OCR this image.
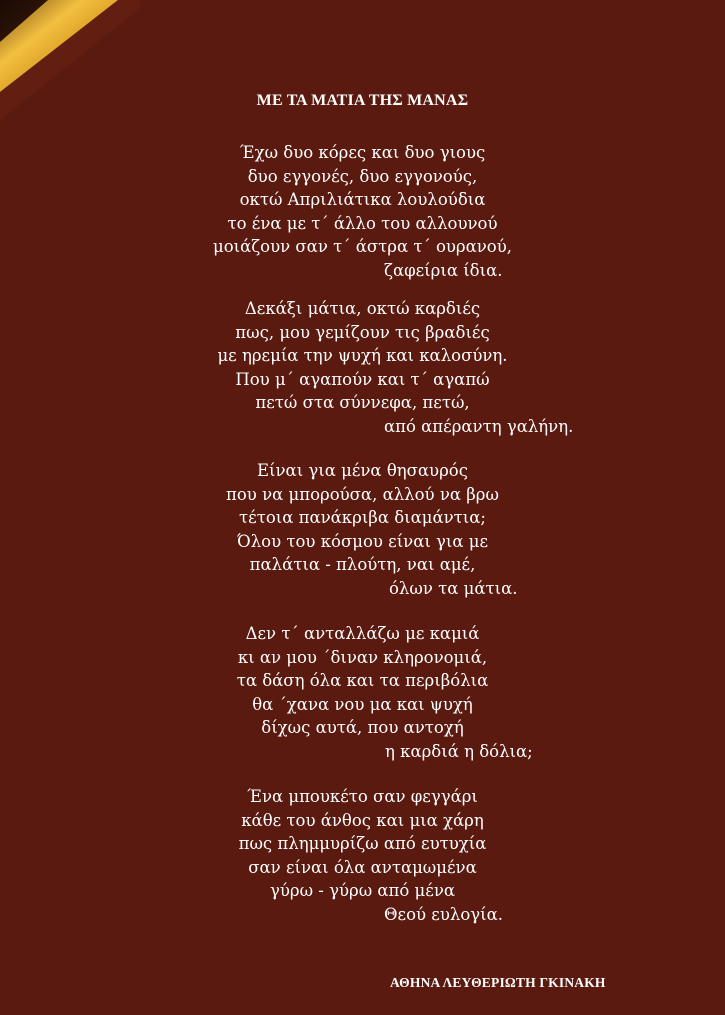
ΜΕ ΤΑ ΜΑΤΙΑ ΤΗΣ ΜΑΝΑΣ
Έχω δυο κόρες και δυο γιους
δυο εγγονές, δυο εγγονούς,
οκτώ Απριλιάτικα λουλούδια
το ένα με τ΄ άλλο του αλλουνού
μοιάζουν σαν τ΄ άστρα τ΄ ουρανού,
ζαφείρια ίδια.
Δεκάξι μάτια, οκτώ καρδιές
πως, μου γεμίζουν τις βραδιές
με ηρεμία την ψυχή και καλοσύνη.
Που μ΄ αγαπούν και τ΄ αγαπώ
πετώ στα σύννεφα, πετώ,
από απέραντη γαλήνη.
Είναι για μένα θησαυρός
που να μπορούσα, αλλού να βρω
τέτοια πανάκριβα διαμάντια;
Όλου του κόσμου είναι για με
παλάτια - πλούτη, ναι αμέ,
όλων τα μάτια.
Δεν τ΄ ανταλλάζω με καμιά
κι αν μου ΄διναν κληρονομιά,
τα δάση όλα και τα περιβόλια
θα ΄χανα νου μα και ψυχή
δίχως αυτά, που αντοχή
η καρδιά η δόλια;
Ένα μπουκέτο σαν φεγγάρι
κάθε του άνθος και μια χάρη
πως πλημμυρίζω από ευτυχία
σαν είναι όλα ανταμωμένα
γύρω - γύρω από μένα
Θεού ευλογία.
ΑΘΗΝΑ ΛΕΥΘΕΡΙΩΤΗ ΓΚΙΝΑΚΗ
